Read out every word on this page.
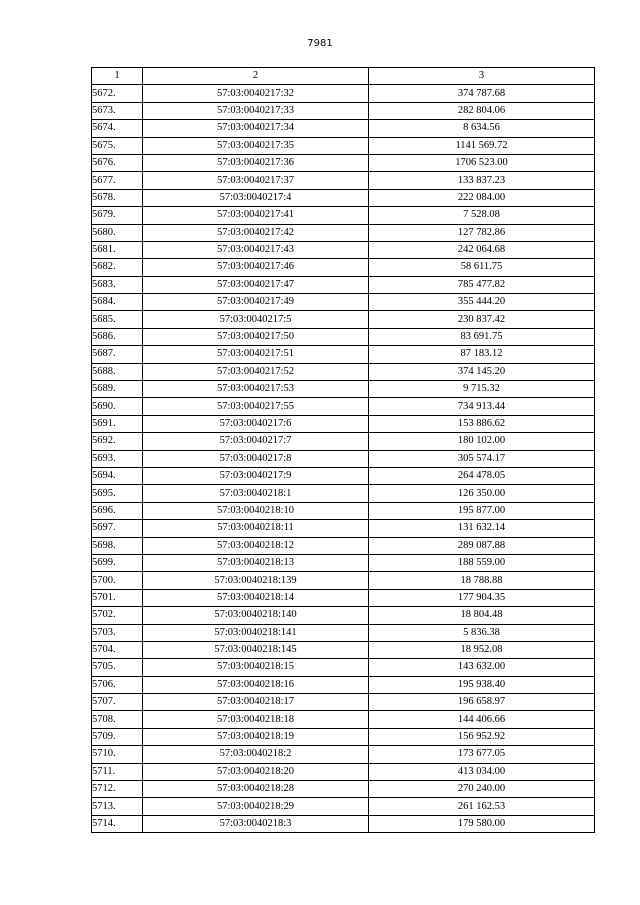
7981
1	2	3
5672.	57:03:0040217:32	374 787.68
5673.	57:03:0040217:33	282 804.06
5674.	57:03:0040217:34	8 634.56
5675.	57:03:0040217:35	1141 569.72
5676.	57:03:0040217:36	1706 523.00
5677.	57:03:0040217:37	133 837.23
5678.	57:03:0040217:4	222 084.00
5679.	57:03:0040217:41	7 528.08
5680.	57:03:0040217:42	127 782.86
5681.	57:03:0040217:43	242 064.68
5682.	57:03:0040217:46	58 611.75
5683.	57:03:0040217:47	785 477.82
5684.	57:03:0040217:49	355 444.20
5685.	57:03:0040217:5	230 837.42
5686.	57:03:0040217:50	83 691.75
5687.	57:03:0040217:51	87 183.12
5688.	57:03:0040217:52	374 145.20
5689.	57:03:0040217:53	9 715.32
5690.	57:03:0040217:55	734 913.44
5691.	57:03:0040217:6	153 886.62
5692.	57:03:0040217:7	180 102.00
5693.	57:03:0040217:8	305 574.17
5694.	57:03:0040217:9	264 478.05
5695.	57:03:0040218:1	126 350.00
5696.	57:03:0040218:10	195 877.00
5697.	57:03:0040218:11	131 632.14
5698.	57:03:0040218:12	289 087.88
5699.	57:03:0040218:13	188 559.00
5700.	57:03:0040218:139	18 788.88
5701.	57:03:0040218:14	177 904.35
5702.	57:03:0040218:140	18 804.48
5703.	57:03:0040218:141	5 836.38
5704.	57:03:0040218:145	18 952.08
5705.	57:03:0040218:15	143 632.00
5706.	57:03:0040218:16	195 938.40
5707.	57:03:0040218:17	196 658.97
5708.	57:03:0040218:18	144 406.66
5709.	57:03:0040218:19	156 952.92
5710.	57:03:0040218:2	173 677.05
5711.	57:03:0040218:20	413 034.00
5712.	57:03:0040218:28	270 240.00
5713.	57:03:0040218:29	261 162.53
5714.	57:03:0040218:3	179 580.00
